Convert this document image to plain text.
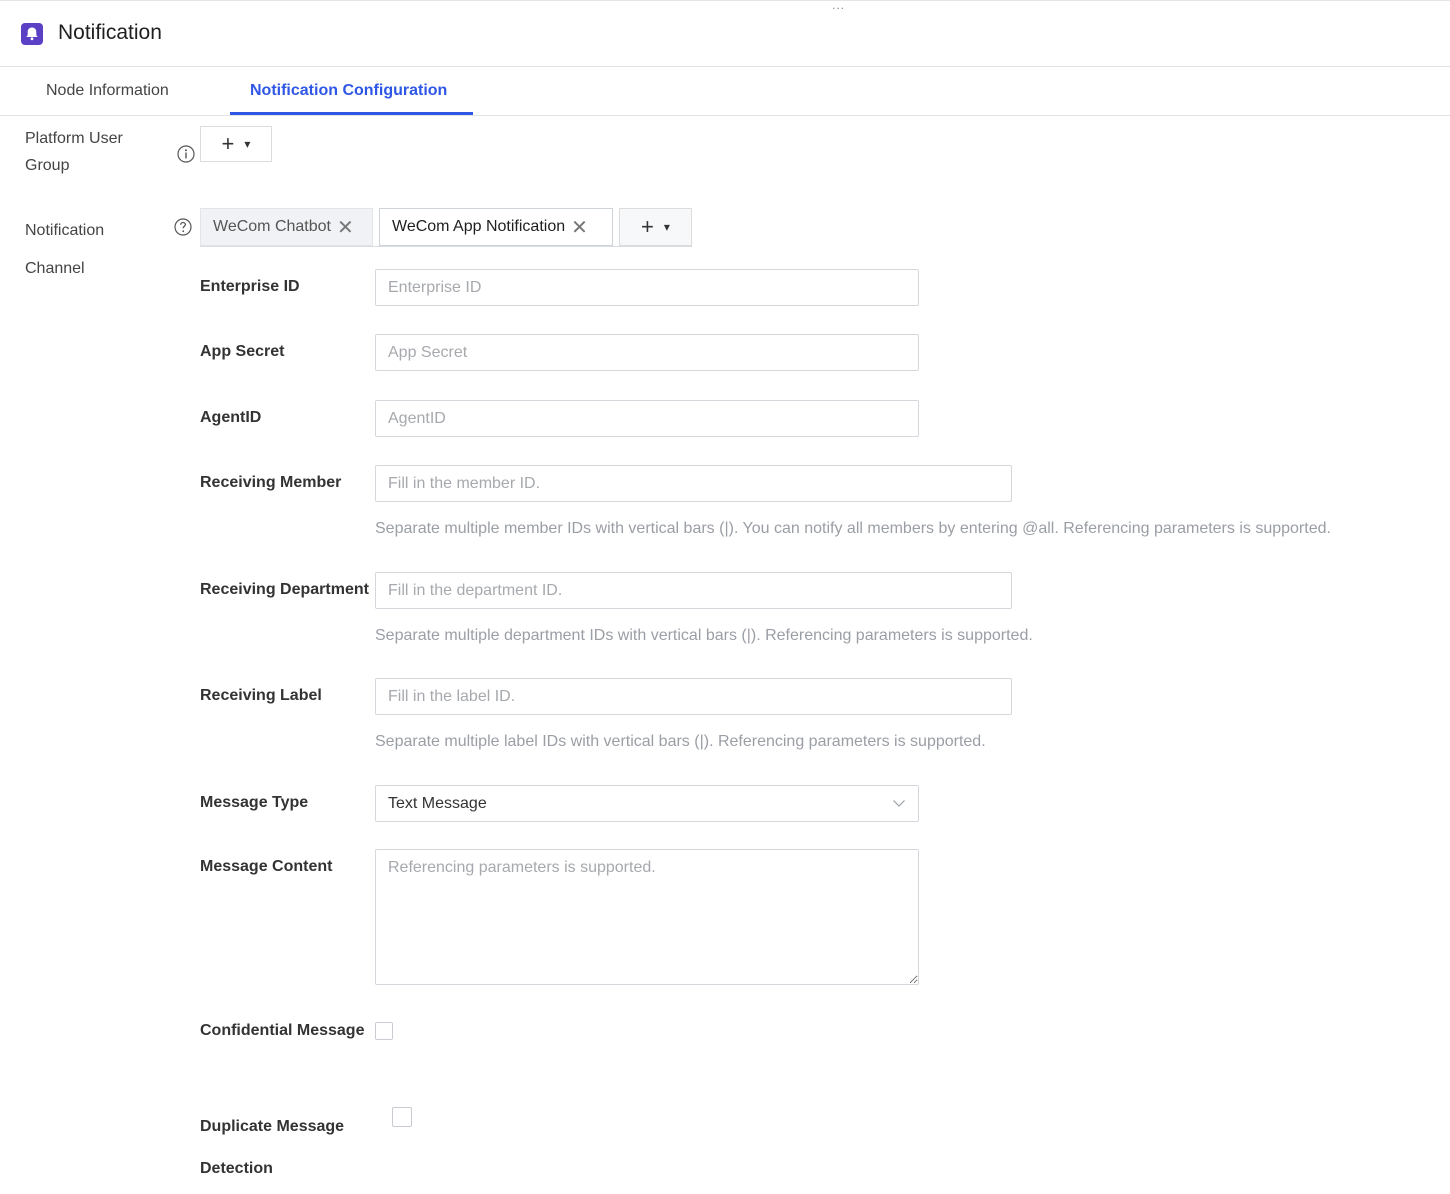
...
Notification
Node Information	Notification Configuration
Platform User
Group
+ ▾
Notification
Channel
WeCom Chatbot ✕ WeCom App Notification ✕ + ▾
Enterprise ID
Enterprise ID
App Secret
App Secret
AgentID
AgentID
Receiving Member
Fill in the member ID.
Separate multiple member IDs with vertical bars (|). You can notify all members by entering @all. Referencing parameters is supported.
Receiving Department
Fill in the department ID.
Separate multiple department IDs with vertical bars (|). Referencing parameters is supported.
Receiving Label
Fill in the label ID.
Separate multiple label IDs with vertical bars (|). Referencing parameters is supported.
Message Type	Text Message
Message Content
Referencing parameters is supported.
Confidential Message
Duplicate Message
Detection
